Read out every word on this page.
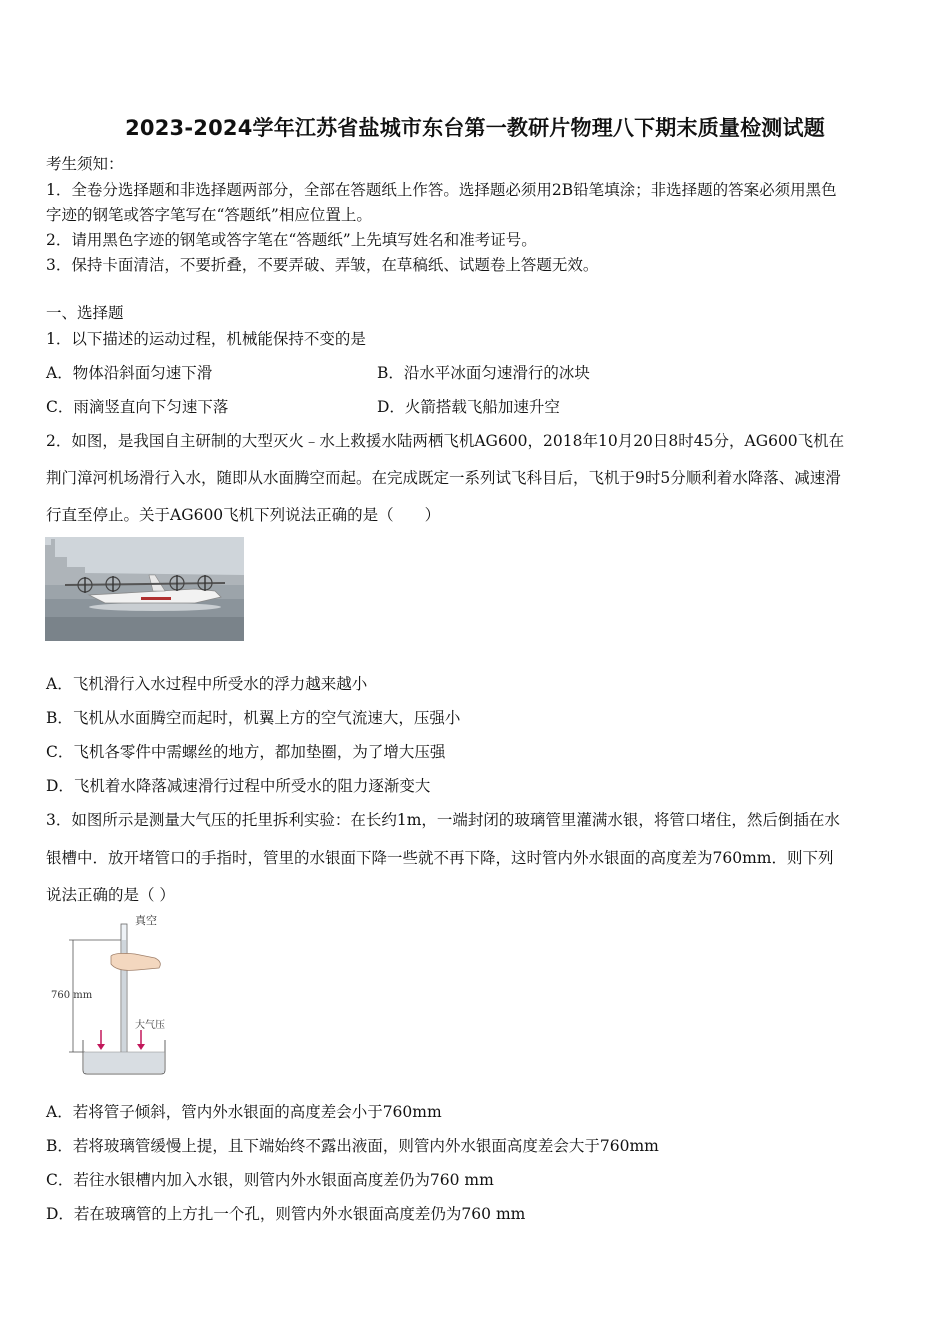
2023-2024学年江苏省盐城市东台第一教研片物理八下期末质量检测试题
考生须知：
1．全卷分选择题和非选择题两部分，全部在答题纸上作答。选择题必须用2B铅笔填涂；非选择题的答案必须用黑色
字迹的钢笔或答字笔写在“答题纸”相应位置上。
2．请用黑色字迹的钢笔或答字笔在“答题纸”上先填写姓名和准考证号。
3．保持卡面清洁，不要折叠，不要弄破、弄皱，在草稿纸、试题卷上答题无效。
一、选择题
1．以下描述的运动过程，机械能保持不变的是
A．物体沿斜面匀速下滑	B．沿水平冰面匀速滑行的冰块
C．雨滴竖直向下匀速下落	D．火箭搭载飞船加速升空
2．如图，是我国自主研制的大型灭火﹣水上救援水陆两栖飞机AG600，2018年10月20日8时45分，AG600飞机在
荆门漳河机场滑行入水，随即从水面腾空而起。在完成既定一系列试飞科目后，飞机于9时5分顺利着水降落、减速滑
行直至停止。关于AG600飞机下列说法正确的是（　　）
A．飞机滑行入水过程中所受水的浮力越来越小
B．飞机从水面腾空而起时，机翼上方的空气流速大，压强小
C．飞机各零件中需螺丝的地方，都加垫圈，为了增大压强
D．飞机着水降落减速滑行过程中所受水的阻力逐渐变大
3．如图所示是测量大气压的托里拆利实验：在长约1m，一端封闭的玻璃管里灌满水银，将管口堵住，然后倒插在水
银槽中．放开堵管口的手指时，管里的水银面下降一些就不再下降，这时管内外水银面的高度差为760mm．则下列
说法正确的是（ ）
真空
760 mm
大气压
A．若将管子倾斜，管内外水银面的高度差会小于760mm
B．若将玻璃管缓慢上提，且下端始终不露出液面，则管内外水银面高度差会大于760mm
C．若往水银槽内加入水银，则管内外水银面高度差仍为760 mm
D．若在玻璃管的上方扎一个孔，则管内外水银面高度差仍为760 mm
